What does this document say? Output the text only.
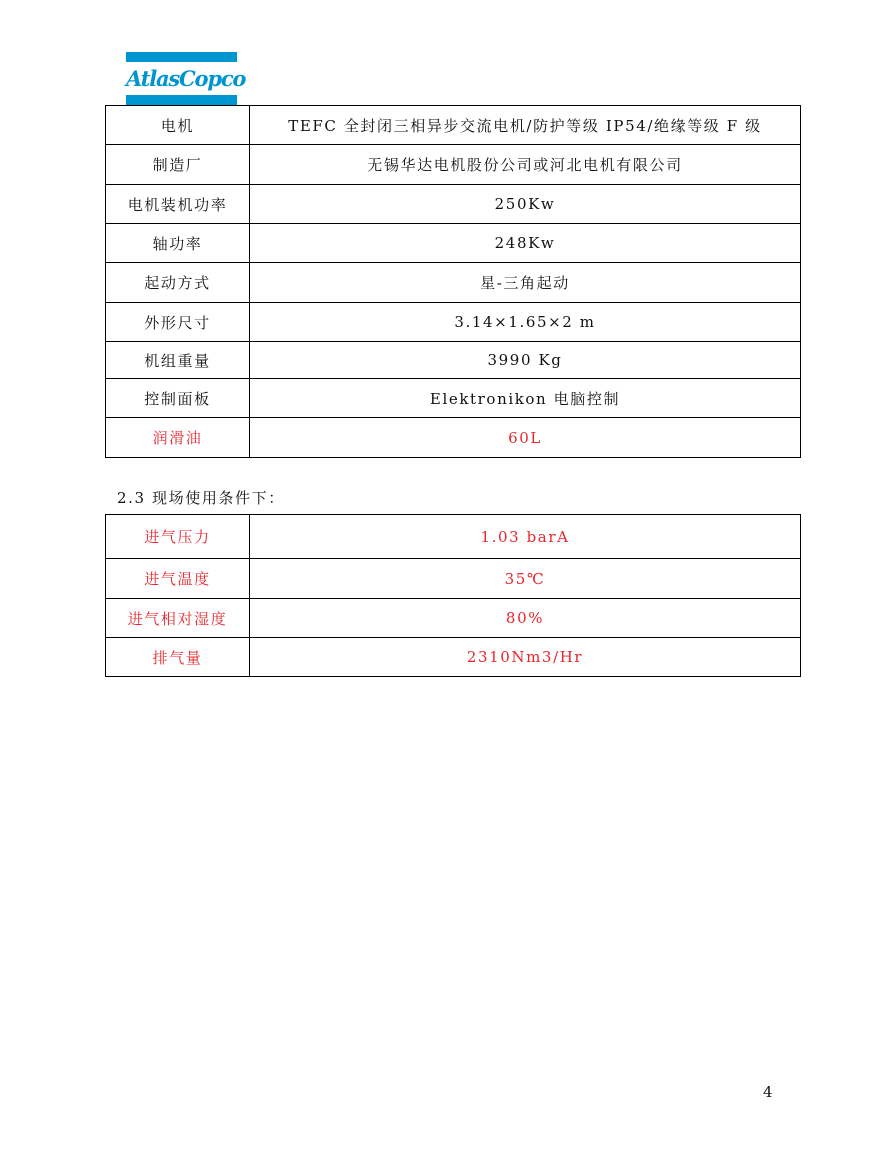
AtlasCopco
电机	TEFC 全封闭三相异步交流电机/防护等级 IP54/绝缘等级 F 级
制造厂	无锡华达电机股份公司或河北电机有限公司
电机装机功率	250Kw
轴功率	248Kw
起动方式	星-三角起动
外形尺寸	3.14×1.65×2 m
机组重量	3990 Kg
控制面板	Elektronikon 电脑控制
润滑油	60L
2.3 现场使用条件下：
进气压力	1.03 barA
进气温度	35℃
进气相对湿度	80%
排气量	2310Nm3/Hr
4
